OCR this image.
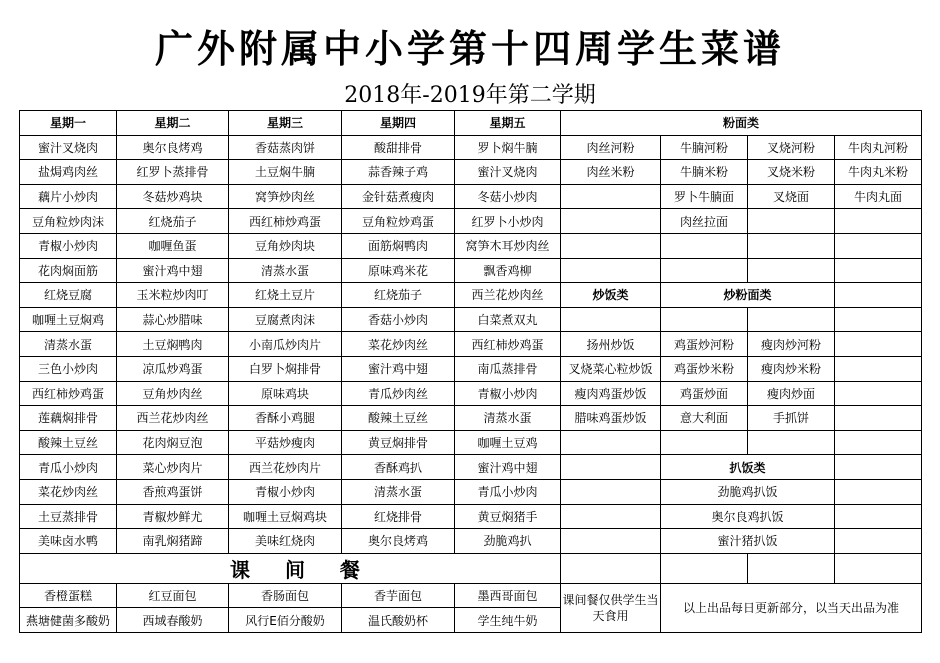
广外附属中小学第十四周学生菜谱
2018年-2019年第二学期
星期一	星期二	星期三	星期四	星期五	粉面类			
蜜汁叉烧肉	奥尔良烤鸡	香菇蒸肉饼	酸甜排骨	罗卜焖牛腩	肉丝河粉	牛腩河粉	叉烧河粉	牛肉丸河粉
盐焗鸡肉丝	红罗卜蒸排骨	土豆焖牛腩	蒜香辣子鸡	蜜汁叉烧肉	肉丝米粉	牛腩米粉	叉烧米粉	牛肉丸米粉
藕片小炒肉	冬菇炒鸡块	窝笋炒肉丝	金针菇煮瘦肉	冬菇小炒肉		罗卜牛腩面	叉烧面	牛肉丸面
豆角粒炒肉沫	红烧茄子	西红柿炒鸡蛋	豆角粒炒鸡蛋	红罗卜小炒肉		肉丝拉面		
青椒小炒肉	咖喱鱼蛋	豆角炒肉块	面筋焖鸭肉	窝笋木耳炒肉丝				
花肉焖面筋	蜜汁鸡中翅	清蒸水蛋	原味鸡米花	飘香鸡柳				
红烧豆腐	玉米粒炒肉叮	红烧土豆片	红烧茄子	西兰花炒肉丝	炒饭类	炒粉面类		
咖喱土豆焖鸡	蒜心炒腊味	豆腐煮肉沫	香菇小炒肉	白菜煮双丸				
清蒸水蛋	土豆焖鸭肉	小南瓜炒肉片	菜花炒肉丝	西红柿炒鸡蛋	扬州炒饭	鸡蛋炒河粉	瘦肉炒河粉	
三色小炒肉	凉瓜炒鸡蛋	白罗卜焖排骨	蜜汁鸡中翅	南瓜蒸排骨	叉烧菜心粒炒饭	鸡蛋炒米粉	瘦肉炒米粉	
西红柿炒鸡蛋	豆角炒肉丝	原味鸡块	青瓜炒肉丝	青椒小炒肉	瘦肉鸡蛋炒饭	鸡蛋炒面	瘦肉炒面	
莲藕焖排骨	西兰花炒肉丝	香酥小鸡腿	酸辣土豆丝	清蒸水蛋	腊味鸡蛋炒饭	意大利面	手抓饼	
酸辣土豆丝	花肉焖豆泡	平菇炒瘦肉	黄豆焖排骨	咖喱土豆鸡				
青瓜小炒肉	菜心炒肉片	西兰花炒肉片	香酥鸡扒	蜜汁鸡中翅		扒饭类		
菜花炒肉丝	香煎鸡蛋饼	青椒小炒肉	清蒸水蛋	青瓜小炒肉		劲脆鸡扒饭		
土豆蒸排骨	青椒炒鲜尤	咖喱土豆焖鸡块	红烧排骨	黄豆焖猪手		奥尔良鸡扒饭		
美味卤水鸭	南乳焖猪蹄	美味红烧肉	奥尔良烤鸡	劲脆鸡扒		蜜汁猪扒饭		
课 间 餐								
香橙蛋糕	红豆面包	香肠面包	香芋面包	墨西哥面包	课间餐仅供学生当天食用	以上出品每日更新部分，以当天出品为准		
燕塘健菌多酸奶	西域春酸奶	风行E佰分酸奶	温氏酸奶杯	学生纯牛奶				
